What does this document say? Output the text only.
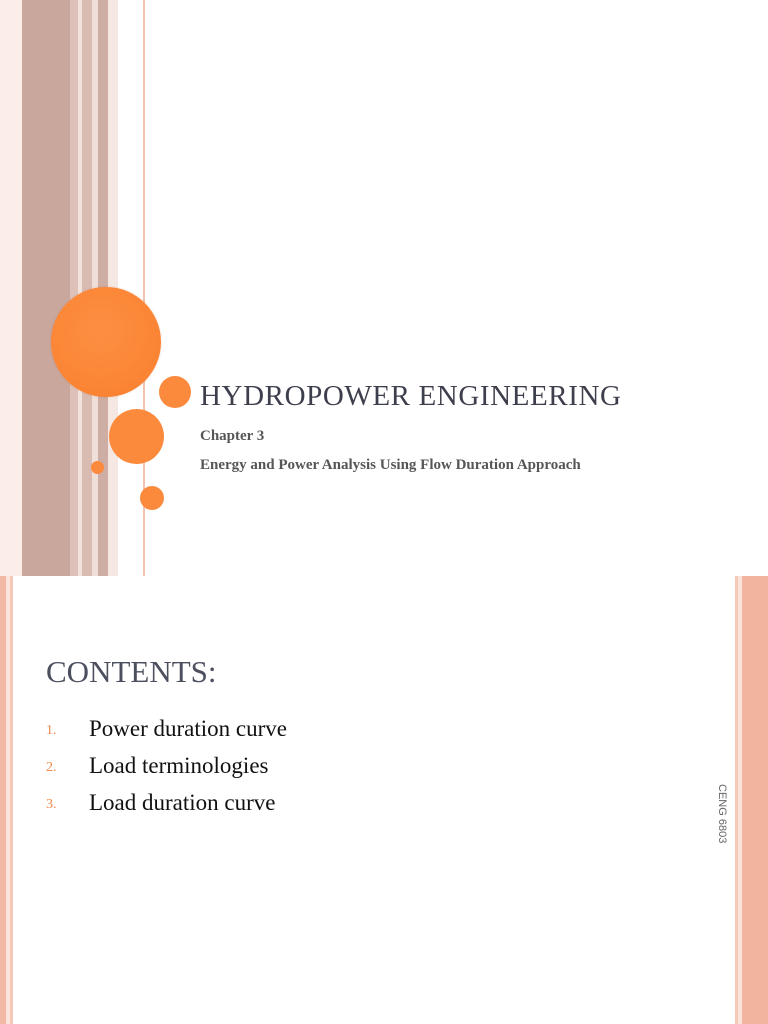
HYDROPOWER ENGINEERING
Chapter 3
Energy and Power Analysis Using Flow Duration Approach
CONTENTS:
1. Power duration curve
2. Load terminologies
3. Load duration curve	CENG 6803
